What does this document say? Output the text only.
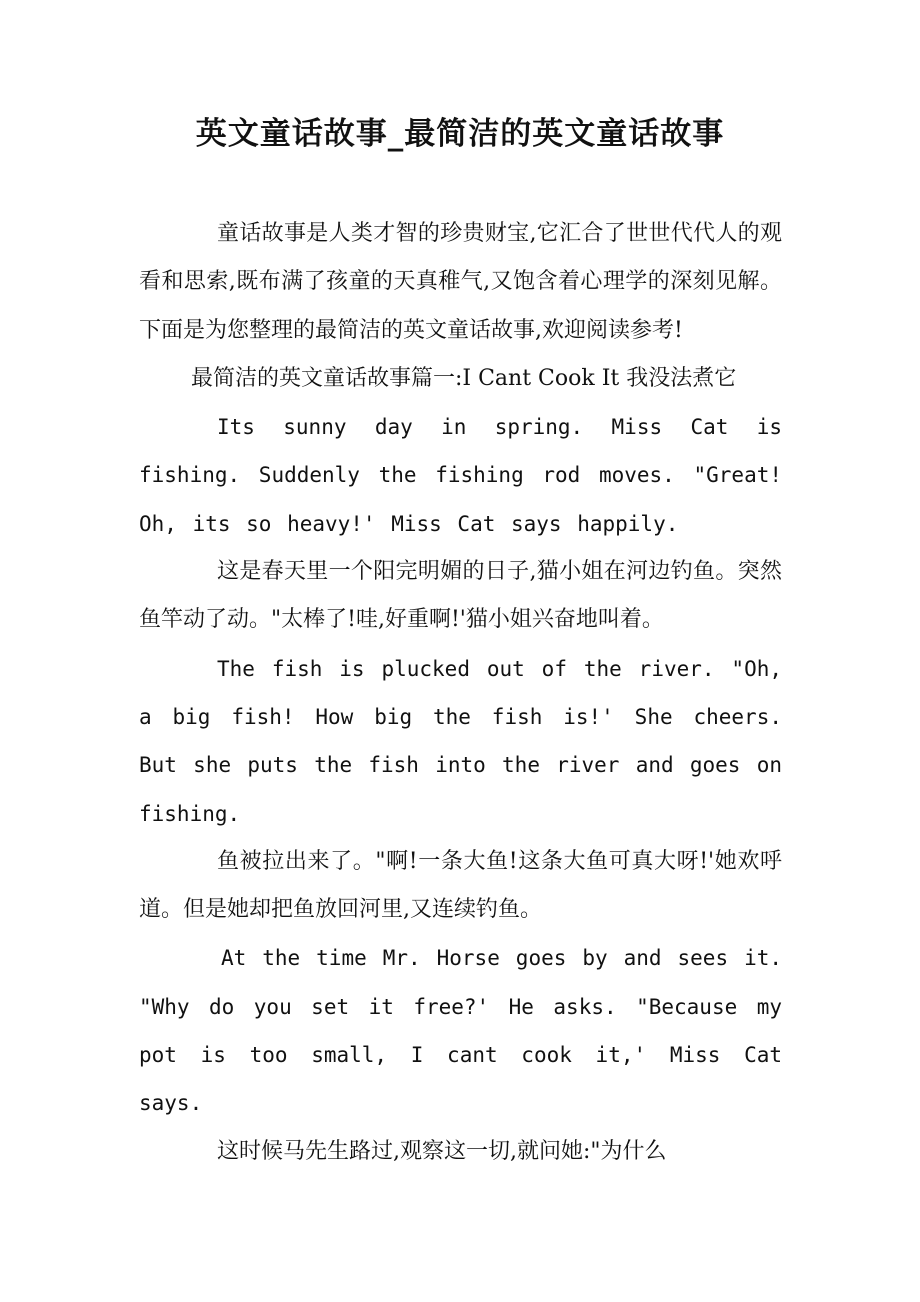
英文童话故事_最简洁的英文童话故事

童话故事是人类才智的珍贵财宝,它汇合了世世代代人的观看和思索,既布满了孩童的天真稚气,又饱含着心理学的深刻见解。下面是为您整理的最简洁的英文童话故事,欢迎阅读参考!

最简洁的英文童话故事篇一:I Cant Cook It 我没法煮它

Its sunny day in spring. Miss Cat is fishing. Suddenly the fishing rod moves. "Great! Oh, its so heavy!' Miss Cat says happily.

这是春天里一个阳完明媚的日子,猫小姐在河边钓鱼。突然鱼竿动了动。"太棒了!哇,好重啊!'猫小姐兴奋地叫着。

The fish is plucked out of the river. "Oh, a big fish! How big the fish is!' She cheers. But she puts the fish into the river and goes on fishing.

鱼被拉出来了。"啊!一条大鱼!这条大鱼可真大呀!'她欢呼道。但是她却把鱼放回河里,又连续钓鱼。

At the time Mr. Horse goes by and sees it. "Why do you set it free?' He asks. "Because my pot is too small, I cant cook it,' Miss Cat says.

这时候马先生路过,观察这一切,就问她:"为什么
